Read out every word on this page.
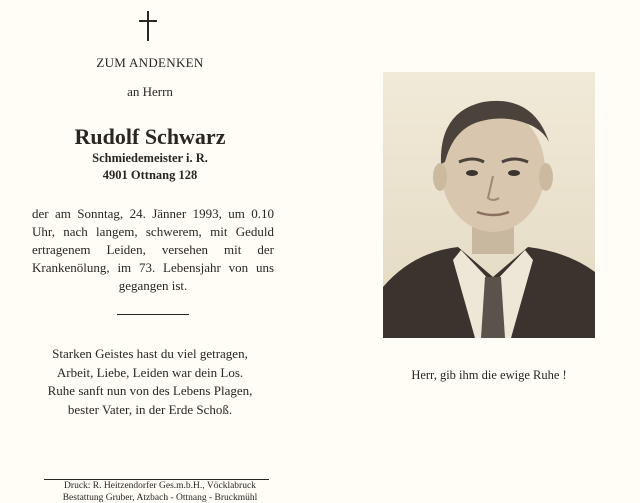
ZUM ANDENKEN
an Herrn
Rudolf Schwarz
Schmiedemeister i. R.
4901 Ottnang 128
der am Sonntag, 24. Jänner 1993, um 0.10 Uhr, nach langem, schwerem, mit Geduld ertragenem Leiden, versehen mit der Krankenölung, im 73. Lebensjahr von uns gegangen ist.
Starken Geistes hast du viel getragen,
Arbeit, Liebe, Leiden war dein Los.
Ruhe sanft nun von des Lebens Plagen,
bester Vater, in der Erde Schoß.
Druck: R. Heitzendorfer Ges.m.b.H., Vöcklabruck
Bestattung Gruber, Atzbach - Ottnang - Bruckmühl
Herr, gib ihm die ewige Ruhe !
